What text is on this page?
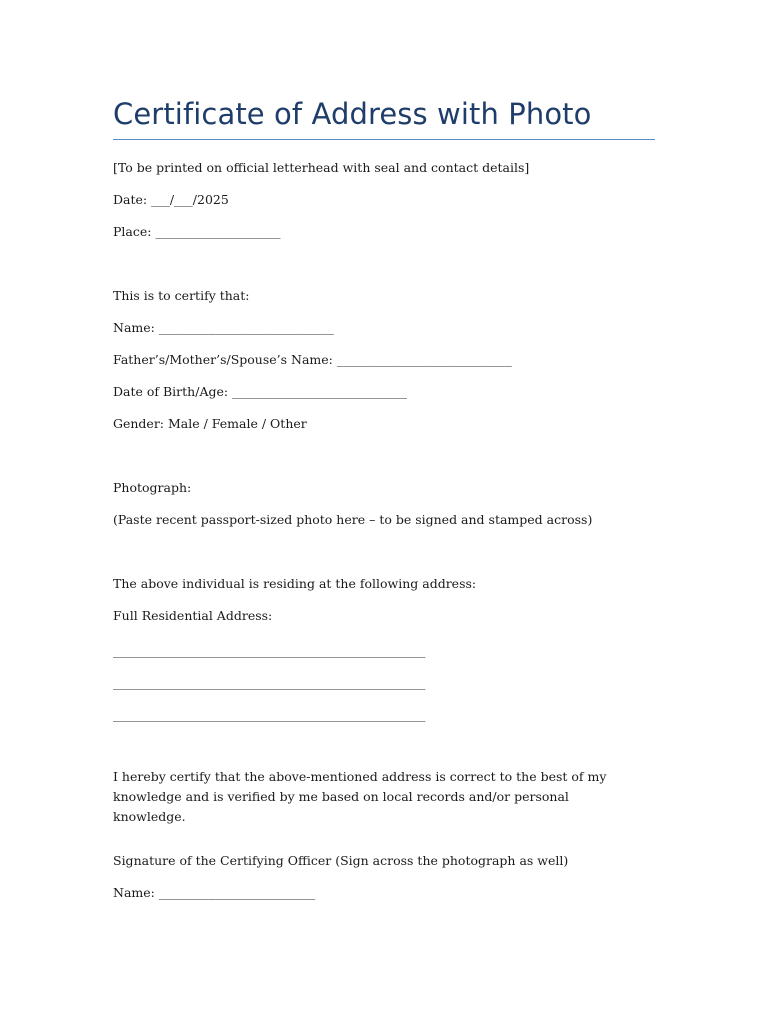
Certificate of Address with Photo
[To be printed on official letterhead with seal and contact details]
Date: ___/___/2025
Place: ____________________
This is to certify that:
Name: ____________________________
Father’s/Mother’s/Spouse’s Name: ____________________________
Date of Birth/Age: ____________________________
Gender: Male / Female / Other
Photograph:
(Paste recent passport-sized photo here – to be signed and stamped across)
The above individual is residing at the following address:
Full Residential Address:
__________________________________________________
__________________________________________________
__________________________________________________
I hereby certify that the above-mentioned address is correct to the best of my knowledge and is verified by me based on local records and/or personal knowledge.
Signature of the Certifying Officer (Sign across the photograph as well)
Name: _________________________
